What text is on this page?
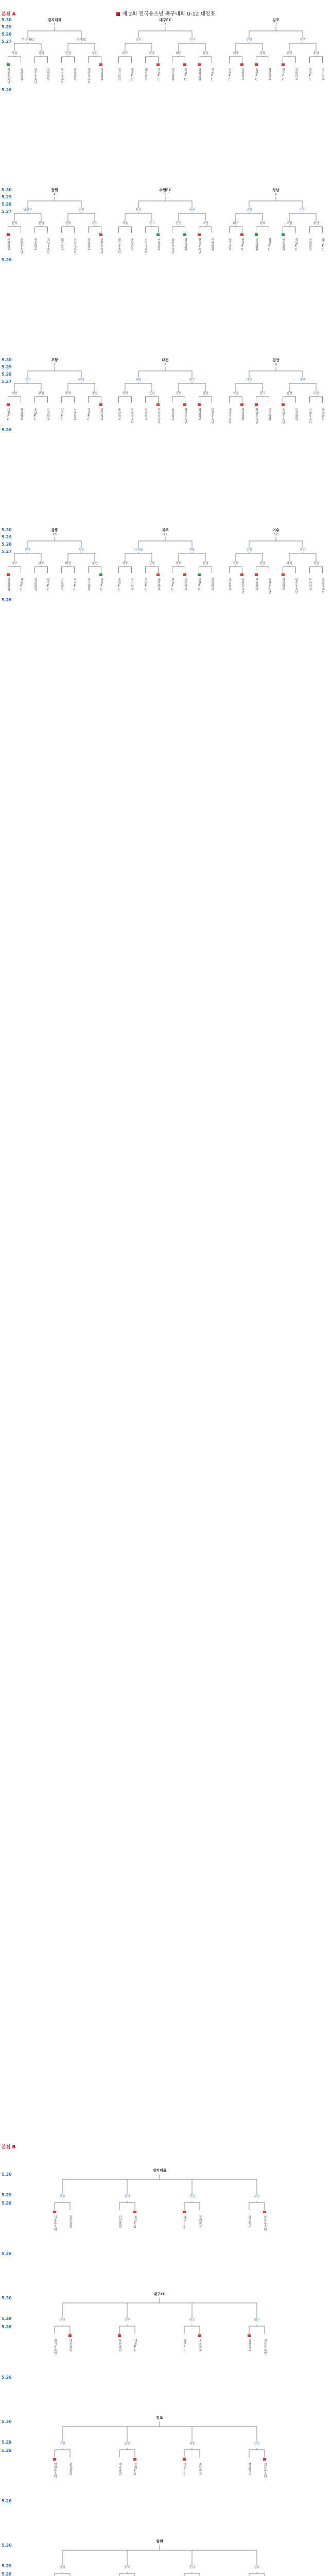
제 2회 전국유소년 축구대회 U-12 대진표
본선 A
본선 B
경기대표
1
주니어FC
서울
서울유소년	울산클럽
경기
광주유소년	전북클럽
전북FC
인천
부산유소년	충북클럽
부산
세종유소년	경남클럽
5.30
5.29
5.28
5.27
5.26
대구FC
2
울산
대구
경기클럽	세종FC
광주
대전클럽	전남FC
부산
대전
대구클럽	충남FC
울산
강원클럽	서울FC
김포
3
인천
세종
인천FC	강원학교
강원
울산FC	경북학교
광주
충북
광주FC	전북학교
충남
충북FC	경기학교
창원
4
남양주
전북
부산학교	충북유소년
전남
세종학교	경남유소년
춘천
경북
대전학교	전남유소년
경남
충남학교	인천유소년
5.30
5.29
5.28
5.27
5.26
수원FC
5
화성
서울
대구유소년	충남클럽
경기
강원유소년	서울클럽
용인
인천
울산유소년	경북클럽
부산
전북유소년	부산클럽
성남
6
고양
대구
광주클럽	전북FC
광주
충북클럽	경기FC
안양
대전
세종클럽	경남FC
울산
전남클럽	대구FC
포항
7
경주
세종
대전FC	전남학교
강원
충남FC	인천학교
구미
충북
강원FC	서울학교
충남
경북FC	광주학교
5.30
5.29
5.28
5.27
5.26
대전
8
세종
전북
울산학교	경북유소년
전남
전북학교	부산유소년
청주
경북
충북학교	경기유소년
경남
경남학교	대전유소년
천안
9
아산
서울
세종유소년	경남클럽
경기
전남유소년	대구클럽
평택
인천
충남유소년	인천클럽
부산
서울유소년	울산클럽
강릉
10
원주
대구
강원클럽	서울FC
광주
경북클럽	광주FC
속초
대전
전북클럽	부산FC
울산
경기클럽	세종FC
5.30
5.29
5.28
5.27
5.26
제주
11
서귀포
세종
충북FC	경기학교
강원
경남FC	대전학교
목포
충북
전남FC	대구학교
충남
인천FC	강원학교
여수
12
순천
전북
충남학교	인천유소년
전남
서울학교	울산유소년
광양
경북
경북학교	광주유소년
경남
부산학교	충북유소년
경기대표
서울
서울유소년	광주클럽
경기
인천클럽	울산FC
인천
대구FC	강원학교
부산
대전학교	충남유소년
5.30
5.29
5.28
5.26
대구FC
부산
경기유소년	대전클럽
대구
부산클럽	세종FC
광주
광주FC	충북학교
대전
울산학교	전북유소년
5.30
5.29
5.28
5.26
김포
대전
인천유소년	울산클럽
울산
대구클럽	강원FC
세종
대전FC	충남학교
강원
세종학교	전남유소년
5.30
5.29
5.28
5.26
창원
강원	충북	충남	전북
5.30
5.29
5.28
